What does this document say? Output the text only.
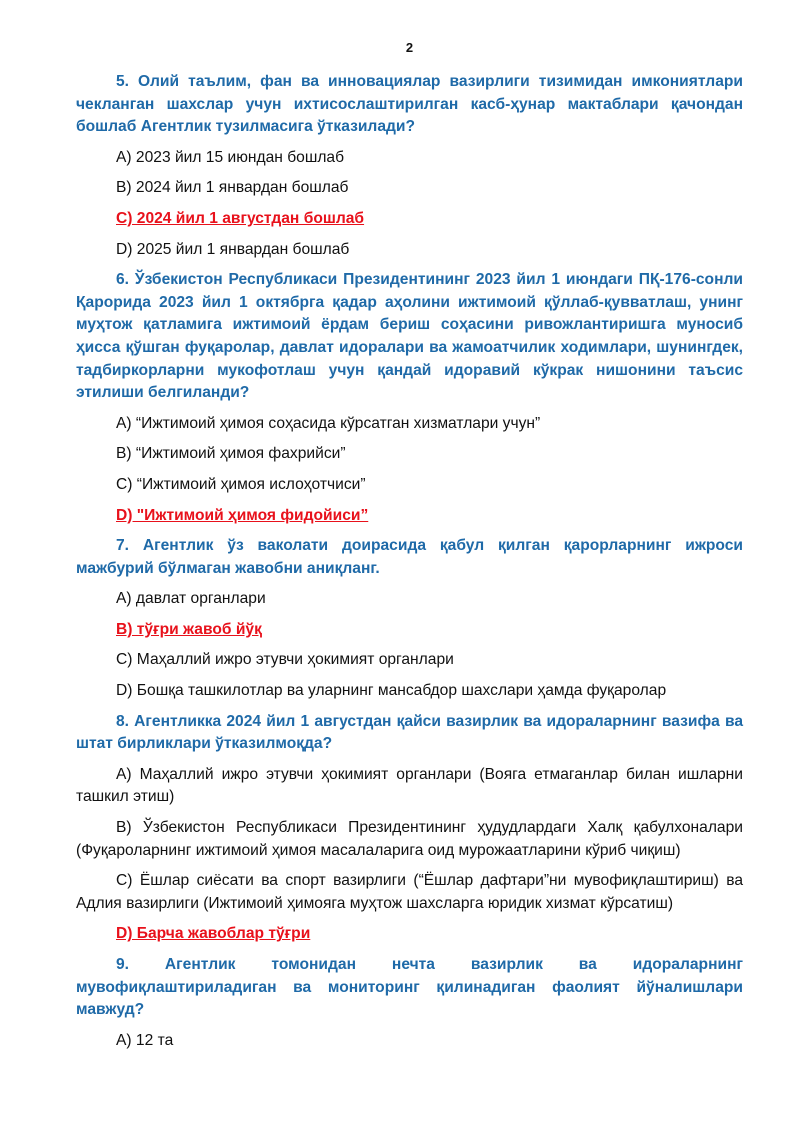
2

5. Олий таълим, фан ва инновациялар вазирлиги тизимидан имкониятлари чекланган шахслар учун ихтисослаштирилган касб-ҳунар мактаблари қачондан бошлаб Агентлик тузилмасига ўтказилади?

А) 2023 йил 15 июндан бошлаб

B) 2024 йил 1 январдан бошлаб

C) 2024 йил 1 августдан бошлаб

D) 2025 йил 1 январдан бошлаб

6. Ўзбекистон Республикаси Президентининг 2023 йил 1 июндаги ПҚ-176-сонли Қарорида 2023 йил 1 октябрга қадар аҳолини ижтимоий қўллаб-қувватлаш, унинг муҳтож қатламига ижтимоий ёрдам бериш соҳасини ривожлантиришга муносиб ҳисса қўшган фуқаролар, давлат идоралари ва жамоатчилик ходимлари, шунингдек, тадбиркорларни мукофотлаш учун қандай идоравий кўкрак нишонини таъсис этилиши белгиланди?

А) “Ижтимоий ҳимоя соҳасида кўрсатган хизматлари учун”

B) “Ижтимоий ҳимоя фахрийси”

C) “Ижтимоий ҳимоя ислоҳотчиси”

D) "Ижтимоий ҳимоя фидойиси”

7. Агентлик ўз ваколати доирасида қабул қилган қарорларнинг ижроси мажбурий бўлмаган жавобни аниқланг.

А) давлат органлари

B) тўғри жавоб йўқ

C) Маҳаллий ижро этувчи ҳокимият органлари

D) Бошқа ташкилотлар ва уларнинг мансабдор шахслари ҳамда фуқаролар

8. Агентликка 2024 йил 1 августдан қайси вазирлик ва идораларнинг вазифа ва штат бирликлари ўтказилмоқда?

А) Маҳаллий ижро этувчи ҳокимият органлари (Вояга етмаганлар билан ишларни ташкил этиш)

B) Ўзбекистон Республикаси Президентининг ҳудудлардаги Халқ қабулхоналари (Фуқароларнинг ижтимоий ҳимоя масалаларига оид мурожаатларини кўриб чиқиш)

C) Ёшлар сиёсати ва спорт вазирлиги (“Ёшлар дафтари”ни мувофиқлаштириш) ва Адлия вазирлиги (Ижтимоий ҳимояга муҳтож шахсларга юридик хизмат кўрсатиш)

D) Барча жавоблар тўғри

9. Агентлик томонидан нечта вазирлик ва идораларнинг мувофиқлаштириладиган ва мониторинг қилинадиган фаолият йўналишлари мавжуд?

А) 12 та
